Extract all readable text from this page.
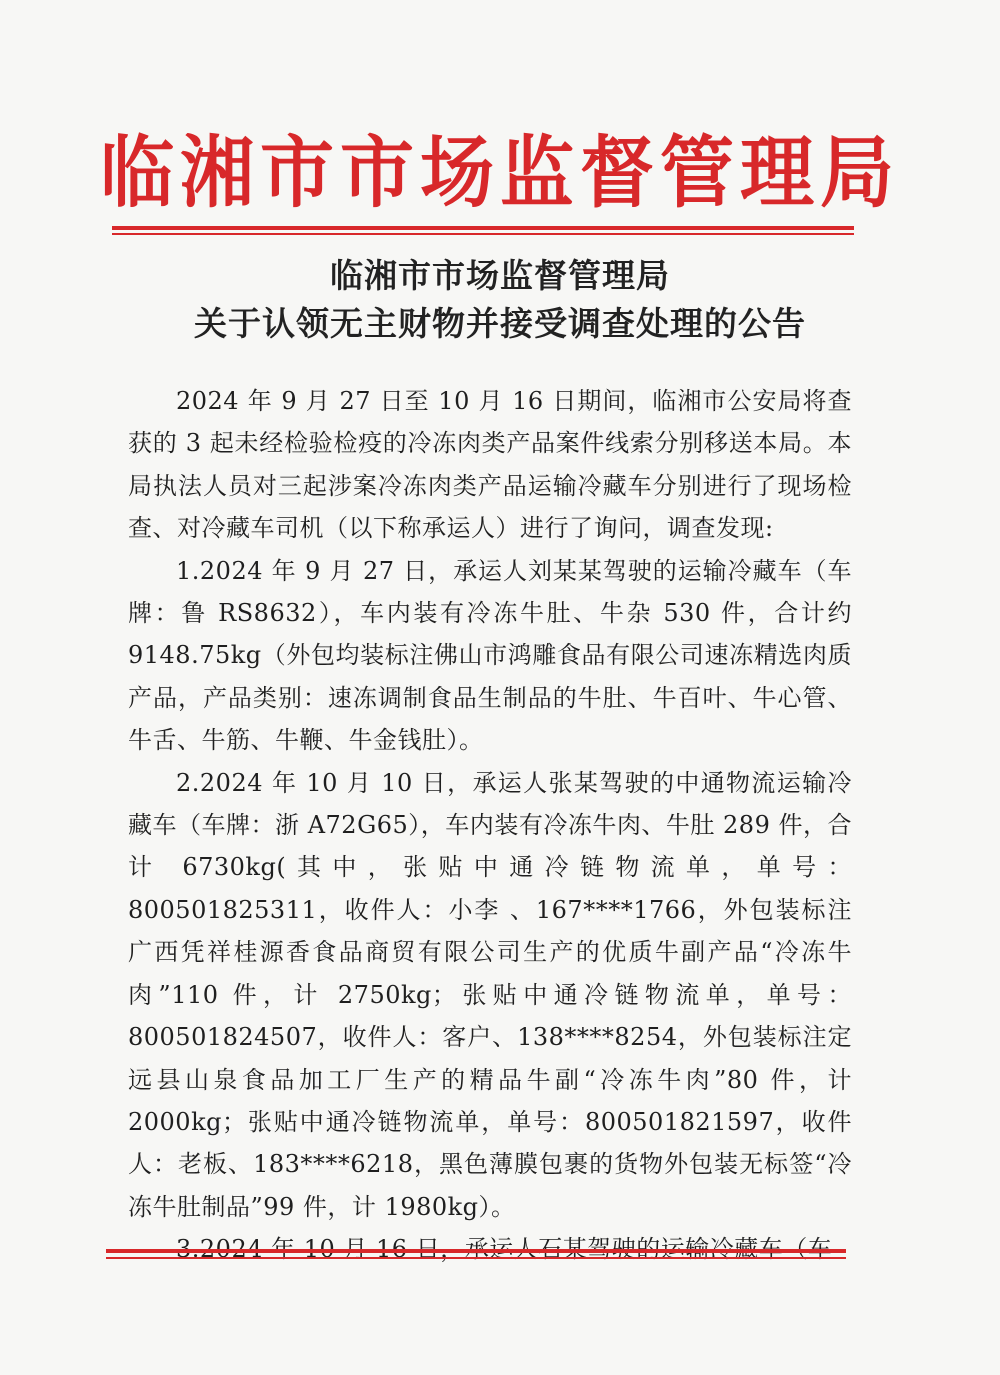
临湘市市场监督管理局
临湘市市场监督管理局
关于认领无主财物并接受调查处理的公告

2024 年 9 月 27 日至 10 月 16 日期间，临湘市公安局将查获的 3 起未经检验检疫的冷冻肉类产品案件线索分别移送本局。本局执法人员对三起涉案冷冻肉类产品运输冷藏车分别进行了现场检查、对冷藏车司机（以下称承运人）进行了询问，调查发现:

1.2024 年 9 月 27 日，承运人刘某某驾驶的运输冷藏车（车牌：鲁 RS8632），车内装有冷冻牛肚、牛杂 530 件，合计约 9148.75kg（外包均装标注佛山市鸿雕食品有限公司速冻精选肉质产品，产品类别：速冻调制食品生制品的牛肚、牛百叶、牛心管、牛舌、牛筋、牛鞭、牛金钱肚）。

2.2024 年 10 月 10 日，承运人张某驾驶的中通物流运输冷藏车（车牌：浙 A72G65），车内装有冷冻牛肉、牛肚 289 件，合计 6730kg(其中，张贴中通冷链物流单，单号：800501825311，收件人：小李 、167****1766，外包装标注广西凭祥桂源香食品商贸有限公司生产的优质牛副产品“冷冻牛肉”110 件，计 2750kg；张贴中通冷链物流单，单号：800501824507，收件人：客户、138****8254，外包装标注定远县山泉食品加工厂生产的精品牛副“冷冻牛肉”80 件，计 2000kg；张贴中通冷链物流单，单号：800501821597，收件人：老板、183****6218，黑色薄膜包裹的货物外包装无标签“冷冻牛肚制品”99 件，计 1980kg）。
